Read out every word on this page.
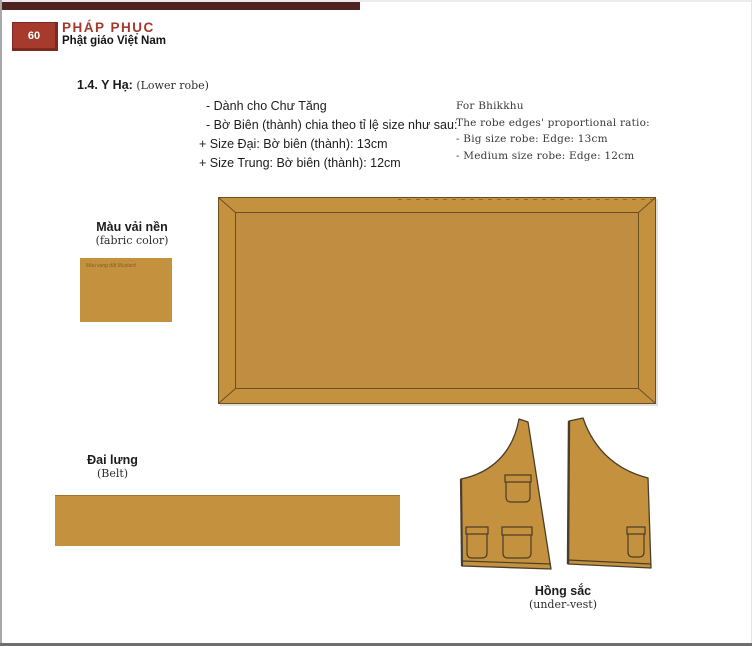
60
PHÁP PHỤC
Phật giáo Việt Nam
1.4. Y Hạ: (Lower robe)
- Dành cho Chư Tăng
- Bờ Biên (thành) chia theo tỉ lệ size như sau:
+ Size Đại: Bờ biên (thành): 13cm
+ Size Trung: Bờ biên (thành): 12cm
For Bhikkhu
The robe edges' proportional ratio:
- Big size robe: Edge: 13cm
- Medium size robe: Edge: 12cm
Màu vải nền
(fabric color)
Màu vàng đất Mustard
Đai lưng
(Belt)
Hồng sắc
(under-vest)
